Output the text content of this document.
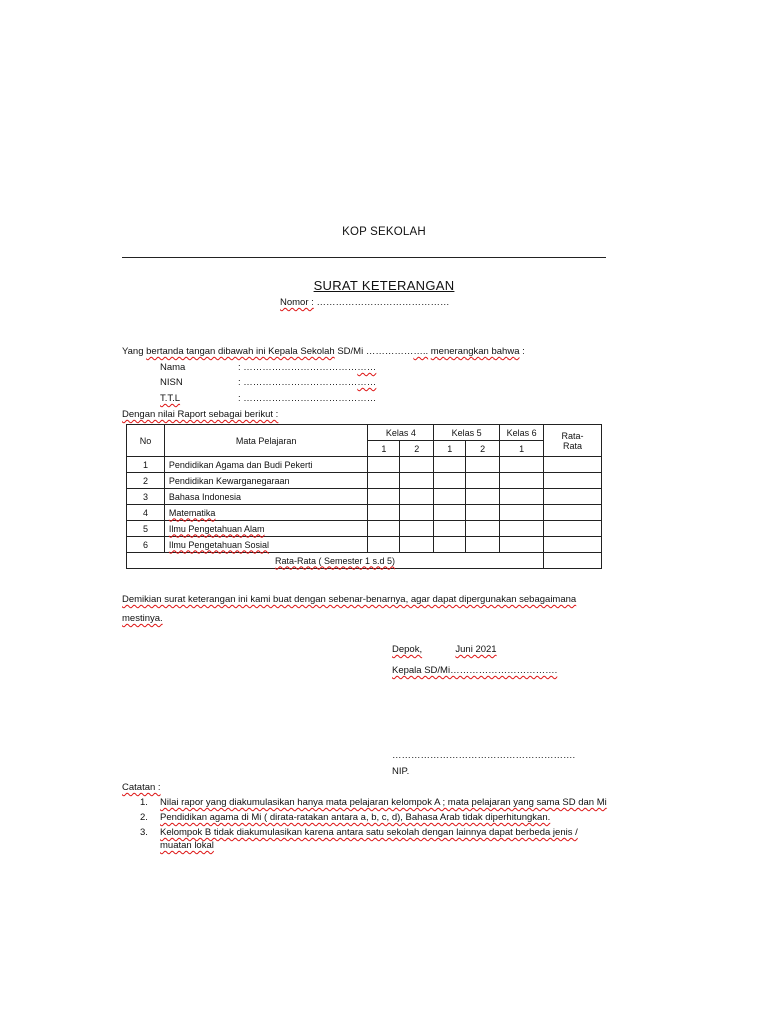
KOP SEKOLAH
SURAT KETERANGAN
Nomor : ……………………………………
Yang bertanda tangan dibawah ini Kepala Sekolah SD/Mi ……………….. menerangkan bahwa :
Nama	: ……………………………………
NISN	: ……………………………………
T.T.L	: ……………………………………
Dengan nilai Raport sebagai berikut :
No	Mata Pelajaran	Kelas 4		Kelas 5		Kelas 6	Rata-
Rata

		1	2	1	2	1	
1	Pendidikan Agama dan Budi Pekerti						
2	Pendidikan Kewarganegaraan						
3	Bahasa Indonesia						
4	Matematika						
5	Ilmu Pengetahuan Alam						
6	Ilmu Pengetahuan Sosial						
Rata-Rata ( Semester 1 s.d 5)							
Demikian surat keterangan ini kami buat dengan sebenar-benarnya, agar dapat dipergunakan sebagaimana mestinya.
Depok,	Juni 2021
Kepala SD/Mi…………………………….
………………………………………………….
NIP.
Catatan :
1. Nilai rapor yang diakumulasikan hanya mata pelajaran kelompok A ; mata pelajaran yang sama SD dan Mi
2. Pendidikan agama di Mi ( dirata-ratakan antara a, b, c, d), Bahasa Arab tidak diperhitungkan.
3. Kelompok B tidak diakumulasikan karena antara satu sekolah dengan lainnya dapat berbeda jenis / muatan lokal
